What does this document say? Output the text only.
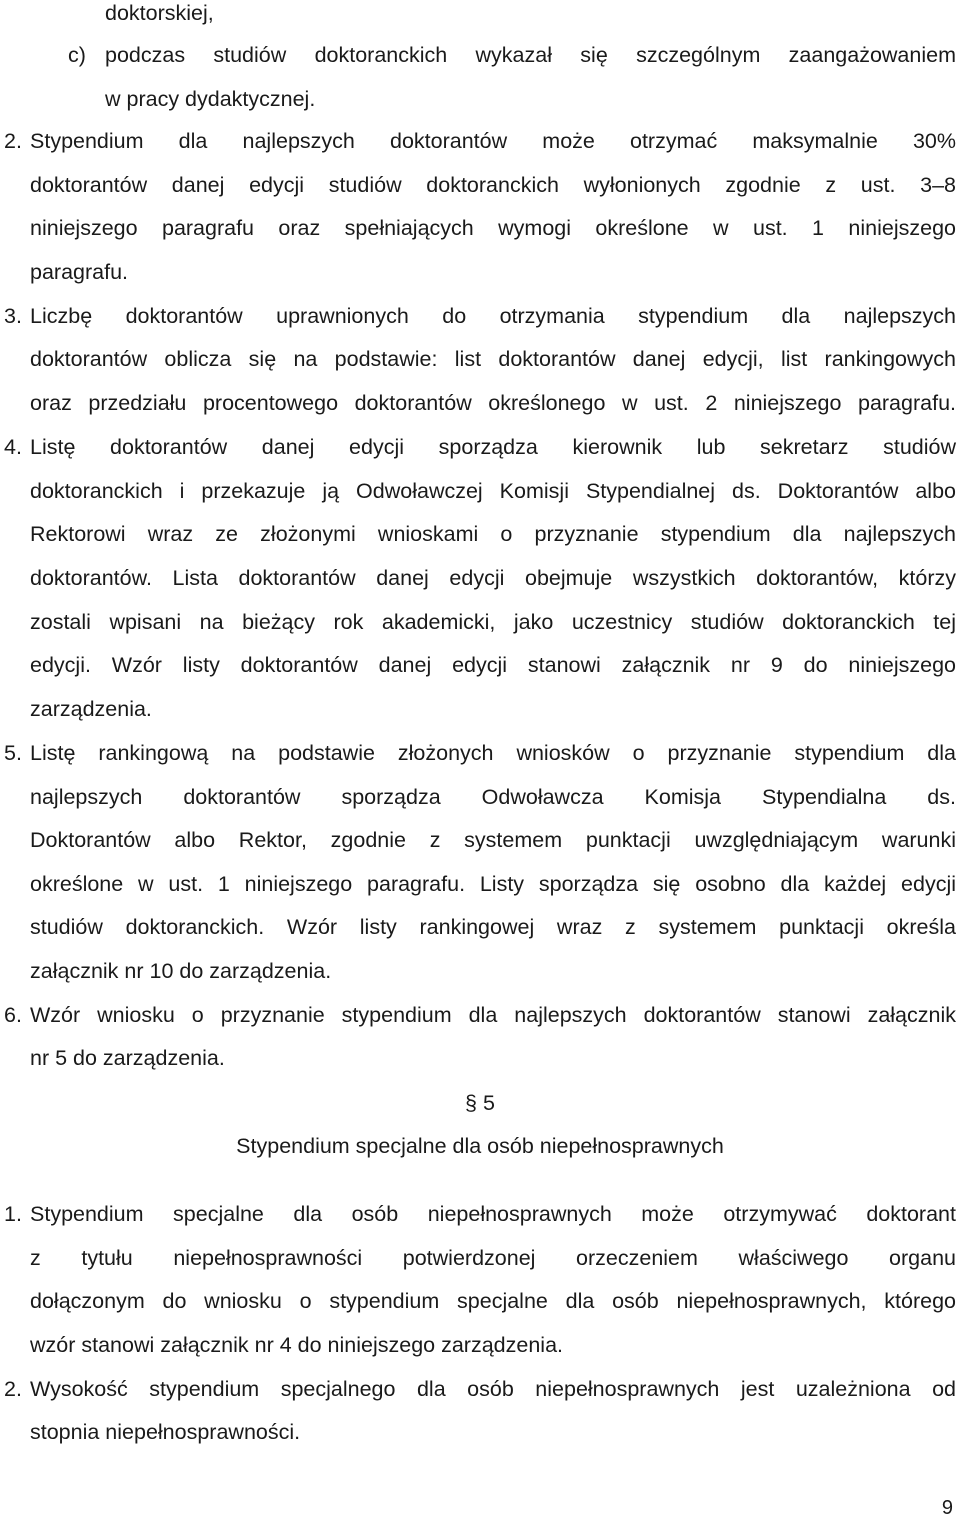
doktorskiej,
c) podczas studiów doktoranckich wykazał się szczególnym zaangażowaniem
w pracy dydaktycznej.
2. Stypendium dla najlepszych doktorantów może otrzymać maksymalnie 30%
doktorantów danej edycji studiów doktoranckich wyłonionych zgodnie z ust. 3–8
niniejszego paragrafu oraz spełniających wymogi określone w ust. 1 niniejszego
paragrafu.
3. Liczbę doktorantów uprawnionych do otrzymania stypendium dla najlepszych
doktorantów oblicza się na podstawie: list doktorantów danej edycji, list rankingowych
oraz przedziału procentowego doktorantów określonego w ust. 2 niniejszego paragrafu.
4. Listę doktorantów danej edycji sporządza kierownik lub sekretarz studiów
doktoranckich i przekazuje ją Odwoławczej Komisji Stypendialnej ds. Doktorantów albo
Rektorowi wraz ze złożonymi wnioskami o przyznanie stypendium dla najlepszych
doktorantów. Lista doktorantów danej edycji obejmuje wszystkich doktorantów, którzy
zostali wpisani na bieżący rok akademicki, jako uczestnicy studiów doktoranckich tej
edycji. Wzór listy doktorantów danej edycji stanowi załącznik nr 9 do niniejszego
zarządzenia.
5. Listę rankingową na podstawie złożonych wniosków o przyznanie stypendium dla
najlepszych doktorantów sporządza Odwoławcza Komisja Stypendialna ds.
Doktorantów albo Rektor, zgodnie z systemem punktacji uwzględniającym warunki
określone w ust. 1 niniejszego paragrafu. Listy sporządza się osobno dla każdej edycji
studiów doktoranckich. Wzór listy rankingowej wraz z systemem punktacji określa
załącznik nr 10 do zarządzenia.
6. Wzór wniosku o przyznanie stypendium dla najlepszych doktorantów stanowi załącznik
nr 5 do zarządzenia.
§ 5
Stypendium specjalne dla osób niepełnosprawnych
1. Stypendium specjalne dla osób niepełnosprawnych może otrzymywać doktorant
z tytułu niepełnosprawności potwierdzonej orzeczeniem właściwego organu
dołączonym do wniosku o stypendium specjalne dla osób niepełnosprawnych, którego
wzór stanowi załącznik nr 4 do niniejszego zarządzenia.
2. Wysokość stypendium specjalnego dla osób niepełnosprawnych jest uzależniona od
stopnia niepełnosprawności.
9
